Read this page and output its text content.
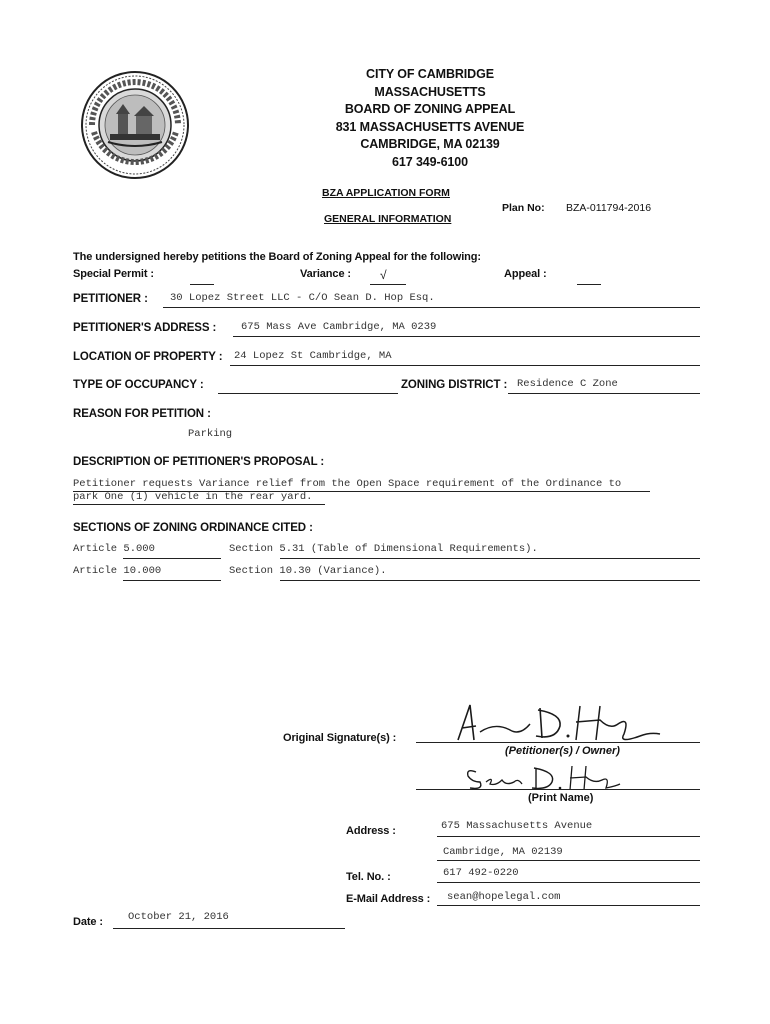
CITY OF CAMBRIDGE
MASSACHUSETTS
BOARD OF ZONING APPEAL
831 MASSACHUSETTS AVENUE
CAMBRIDGE, MA 02139
617 349-6100
BZA APPLICATION FORM
GENERAL INFORMATION
Plan No: BZA-011794-2016
The undersigned hereby petitions the Board of Zoning Appeal for the following:
Special Permit :	Variance : √	Appeal :
PETITIONER : 30 Lopez Street LLC - C/O Sean D. Hop Esq.
PETITIONER'S ADDRESS : 675 Mass Ave Cambridge, MA 0239
LOCATION OF PROPERTY : 24 Lopez St Cambridge, MA
TYPE OF OCCUPANCY :	ZONING DISTRICT : Residence C Zone
REASON FOR PETITION :
Parking
DESCRIPTION OF PETITIONER'S PROPOSAL :
Petitioner requests Variance relief from the Open Space requirement of the Ordinance to
park One (1) vehicle in the rear yard.
SECTIONS OF ZONING ORDINANCE CITED :
Article 5.000	Section 5.31 (Table of Dimensional Requirements).
Article 10.000	Section 10.30 (Variance).
Original Signature(s) :
(Petitioner(s) / Owner)
(Print Name)
Address :	675 Massachusetts Avenue
Cambridge, MA 02139
Tel. No. :	617 492-0220
E-Mail Address : sean@hopelegal.com
Date : October 21, 2016
